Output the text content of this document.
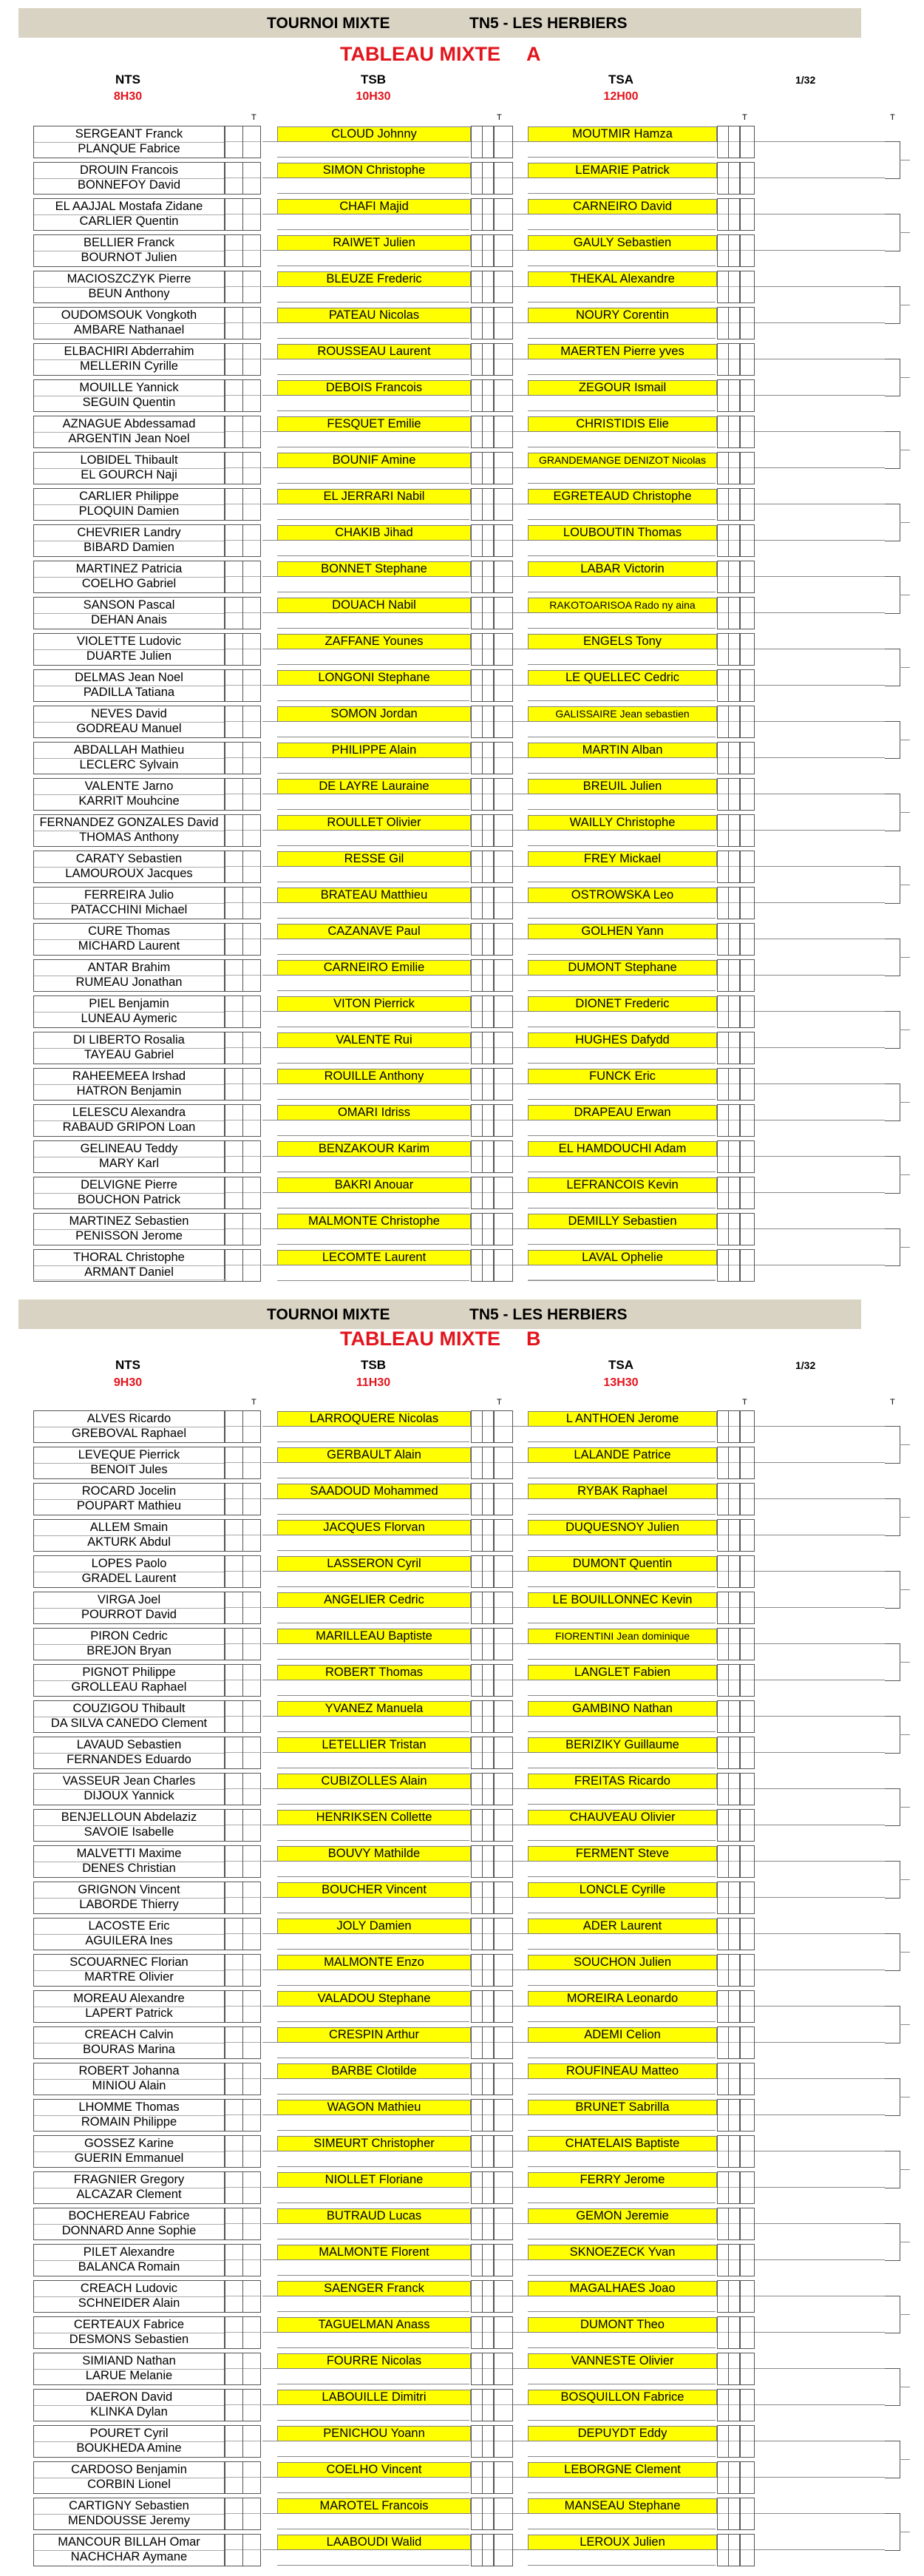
TOURNOI MIXTE	TN5 - LES HERBIERS
TABLEAU MIXTE A
NTS	TSB	TSA	1/32
8H30	10H30	12H00
T	T	T	T
SERGEANT Franck
PLANQUE Fabrice
CLOUD Johnny	MOUTMIR Hamza
DROUIN Francois
BONNEFOY David
SIMON Christophe	LEMARIE Patrick
EL AAJJAL Mostafa Zidane
CARLIER Quentin
CHAFI Majid	CARNEIRO David
BELLIER Franck
BOURNOT Julien
RAIWET Julien	GAULY Sebastien
MACIOSZCZYK Pierre
BEUN Anthony
BLEUZE Frederic	THEKAL Alexandre
OUDOMSOUK Vongkoth
AMBARE Nathanael
PATEAU Nicolas	NOURY Corentin
ELBACHIRI Abderrahim
MELLERIN Cyrille
ROUSSEAU Laurent	MAERTEN Pierre yves
MOUILLE Yannick
SEGUIN Quentin
DEBOIS Francois	ZEGOUR Ismail
AZNAGUE Abdessamad
ARGENTIN Jean Noel
FESQUET Emilie	CHRISTIDIS Elie
LOBIDEL Thibault
EL GOURCH Naji
BOUNIF Amine	GRANDEMANGE DENIZOT Nicolas
CARLIER Philippe
PLOQUIN Damien
EL JERRARI Nabil	EGRETEAUD Christophe
CHEVRIER Landry
BIBARD Damien
CHAKIB Jihad	LOUBOUTIN Thomas
MARTINEZ Patricia
COELHO Gabriel
BONNET Stephane	LABAR Victorin
SANSON Pascal
DEHAN Anais
DOUACH Nabil	RAKOTOARISOA Rado ny aina
VIOLETTE Ludovic
DUARTE Julien
ZAFFANE Younes	ENGELS Tony
DELMAS Jean Noel
PADILLA Tatiana
LONGONI Stephane	LE QUELLEC Cedric
NEVES David
GODREAU Manuel
SOMON Jordan	GALISSAIRE Jean sebastien
ABDALLAH Mathieu
LECLERC Sylvain
PHILIPPE Alain	MARTIN Alban
VALENTE Jarno
KARRIT Mouhcine
DE LAYRE Lauraine	BREUIL Julien
FERNANDEZ GONZALES David
THOMAS Anthony
ROULLET Olivier	WAILLY Christophe
CARATY Sebastien
LAMOUROUX Jacques
RESSE Gil	FREY Mickael
FERREIRA Julio
PATACCHINI Michael
BRATEAU Matthieu	OSTROWSKA Leo
CURE Thomas
MICHARD Laurent
CAZANAVE Paul	GOLHEN Yann
ANTAR Brahim
RUMEAU Jonathan
CARNEIRO Emilie	DUMONT Stephane
PIEL Benjamin
LUNEAU Aymeric
VITON Pierrick	DIONET Frederic
DI LIBERTO Rosalia
TAYEAU Gabriel
VALENTE Rui	HUGHES Dafydd
RAHEEMEEA Irshad
HATRON Benjamin
ROUILLE Anthony	FUNCK Eric
LELESCU Alexandra
RABAUD GRIPON Loan
OMARI Idriss	DRAPEAU Erwan
GELINEAU Teddy
MARY Karl
BENZAKOUR Karim	EL HAMDOUCHI Adam
DELVIGNE Pierre
BOUCHON Patrick
BAKRI Anouar	LEFRANCOIS Kevin
MARTINEZ Sebastien
PENISSON Jerome
MALMONTE Christophe	DEMILLY Sebastien
THORAL Christophe
ARMANT Daniel
LECOMTE Laurent	LAVAL Ophelie
TOURNOI MIXTE	TN5 - LES HERBIERS
TABLEAU MIXTE B
NTS	TSB	TSA	1/32
9H30	11H30	13H30
T	T	T	T
ALVES Ricardo
GREBOVAL Raphael
LARROQUERE Nicolas	L ANTHOEN Jerome
LEVEQUE Pierrick
BENOIT Jules
GERBAULT Alain	LALANDE Patrice
ROCARD Jocelin
POUPART Mathieu
SAADOUD Mohammed	RYBAK Raphael
ALLEM Smain
AKTURK Abdul
JACQUES Florvan	DUQUESNOY Julien
LOPES Paolo
GRADEL Laurent
LASSERON Cyril	DUMONT Quentin
VIRGA Joel
POURROT David
ANGELIER Cedric	LE BOUILLONNEC Kevin
PIRON Cedric
BREJON Bryan
MARILLEAU Baptiste	FIORENTINI Jean dominique
PIGNOT Philippe
GROLLEAU Raphael
ROBERT Thomas	LANGLET Fabien
COUZIGOU Thibault
DA SILVA CANEDO Clement
YVANEZ Manuela	GAMBINO Nathan
LAVAUD Sebastien
FERNANDES Eduardo
LETELLIER Tristan	BERIZIKY Guillaume
VASSEUR Jean Charles
DIJOUX Yannick
CUBIZOLLES Alain	FREITAS Ricardo
BENJELLOUN Abdelaziz
SAVOIE Isabelle
HENRIKSEN Collette	CHAUVEAU Olivier
MALVETTI Maxime
DENES Christian
BOUVY Mathilde	FERMENT Steve
GRIGNON Vincent
LABORDE Thierry
BOUCHER Vincent	LONCLE Cyrille
LACOSTE Eric
AGUILERA Ines
JOLY Damien	ADER Laurent
SCOUARNEC Florian
MARTRE Olivier
MALMONTE Enzo	SOUCHON Julien
MOREAU Alexandre
LAPERT Patrick
VALADOU Stephane	MOREIRA Leonardo
CREACH Calvin
BOURAS Marina
CRESPIN Arthur	ADEMI Celion
ROBERT Johanna
MINIOU Alain
BARBE Clotilde	ROUFINEAU Matteo
LHOMME Thomas
ROMAIN Philippe
WAGON Mathieu	BRUNET Sabrilla
GOSSEZ Karine
GUERIN Emmanuel
SIMEURT Christopher	CHATELAIS Baptiste
FRAGNIER Gregory
ALCAZAR Clement
NIOLLET Floriane	FERRY Jerome
BOCHEREAU Fabrice
DONNARD Anne Sophie
BUTRAUD Lucas	GEMON Jeremie
PILET Alexandre
BALANCA Romain
MALMONTE Florent	SKNOEZECK Yvan
CREACH Ludovic
SCHNEIDER Alain
SAENGER Franck	MAGALHAES Joao
CERTEAUX Fabrice
DESMONS Sebastien
TAGUELMAN Anass	DUMONT Theo
SIMIAND Nathan
LARUE Melanie
FOURRE Nicolas	VANNESTE Olivier
DAERON David
KLINKA Dylan
LABOUILLE Dimitri	BOSQUILLON Fabrice
POURET Cyril
BOUKHEDA Amine
PENICHOU Yoann	DEPUYDT Eddy
CARDOSO Benjamin
CORBIN Lionel
COELHO Vincent	LEBORGNE Clement
CARTIGNY Sebastien
MENDOUSSE Jeremy
MAROTEL Francois	MANSEAU Stephane
MANCOUR BILLAH Omar
NACHCHAR Aymane
LAABOUDI Walid	LEROUX Julien
